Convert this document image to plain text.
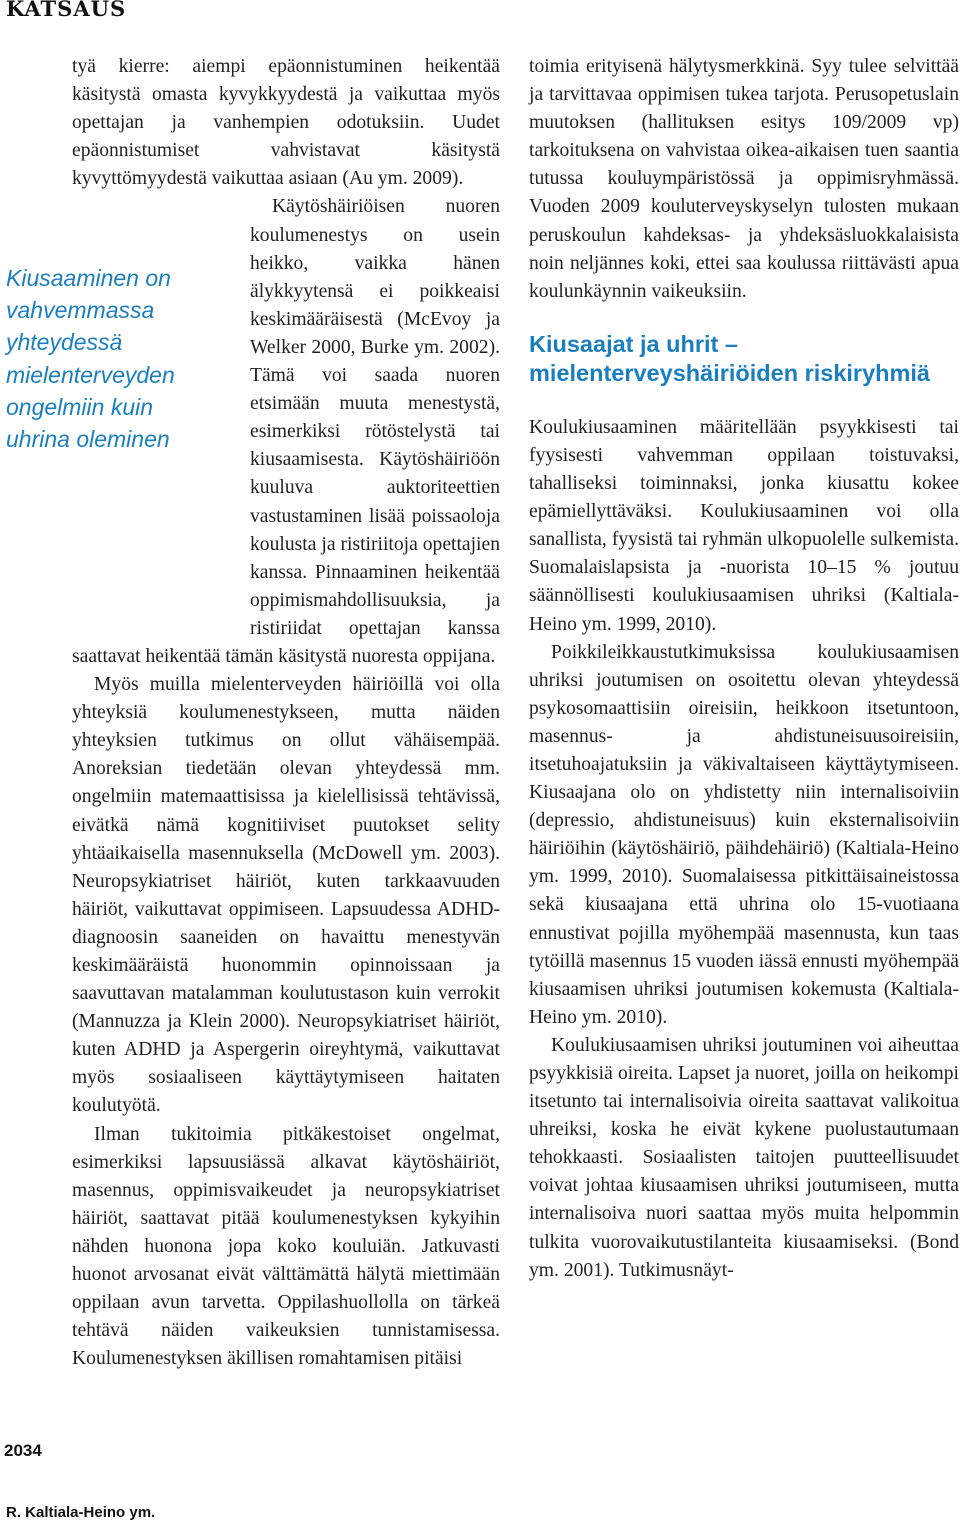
KATSAUS
Kiusaaminen on vahvemmassa yhteydessä mielenterveyden ongelmiin kuin uhrina oleminen

tyä kierre: aiempi epäonnistuminen heikentää käsitystä omasta kyvykkyydestä ja vaikuttaa myös opettajan ja vanhempien odotuksiin. Uudet epäonnistumiset vahvistavat käsitystä kyvyttömyydestä vaikuttaa asiaan (Au ym. 2009).

Käytöshäiriöisen nuoren koulumenestys on usein heikko, vaikka hänen älykkyytensä ei poikkeaisi keskimääräisestä (McEvoy ja Welker 2000, Burke ym. 2002). Tämä voi saada nuoren etsimään muuta menestystä, esimerkiksi rötöstelystä tai kiusaamisesta. Käytöshäiriöön kuuluva auktoriteettien vastustaminen lisää poissaoloja koulusta ja ristiriitoja opettajien kanssa. Pinnaaminen heikentää oppimismahdollisuuksia, ja ristiriidat opettajan kanssa saattavat heikentää tämän käsitystä nuoresta oppijana.

Myös muilla mielenterveyden häiriöillä voi olla yhteyksiä koulumenestykseen, mutta näiden yhteyksien tutkimus on ollut vähäisempää. Anoreksian tiedetään olevan yhteydessä mm. ongelmiin matemaattisissa ja kielellisissä tehtävissä, eivätkä nämä kognitiiviset puutokset selity yhtäaikaisella masennuksella (McDowell ym. 2003). Neuropsykiatriset häiriöt, kuten tarkkaavuuden häiriöt, vaikuttavat oppimiseen. Lapsuudessa ADHD-diagnoosin saaneiden on havaittu menestyvän keskimääräistä huonommin opinnoissaan ja saavuttavan matalamman koulutustason kuin verrokit (Mannuzza ja Klein 2000). Neuropsykiatriset häiriöt, kuten ADHD ja Aspergerin oireyhtymä, vaikuttavat myös sosiaaliseen käyttäytymiseen haitaten koulutyötä.

Ilman tukitoimia pitkäkestoiset ongelmat, esimerkiksi lapsuusiässä alkavat käytöshäiriöt, masennus, oppimisvaikeudet ja neuropsykiatriset häiriöt, saattavat pitää koulumenestyksen kykyihin nähden huonona jopa koko kouluiän. Jatkuvasti huonot arvosanat eivät välttämättä hälytä miettimään oppilaan avun tarvetta. Oppilashuollolla on tärkeä tehtävä näiden vaikeuksien tunnistamisessa. Koulumenestyksen äkillisen romahtamisen pitäisi

toimia erityisenä hälytysmerkkinä. Syy tulee selvittää ja tarvittavaa oppimisen tukea tarjota. Perusopetuslain muutoksen (hallituksen esitys 109/2009 vp) tarkoituksena on vahvistaa oikea-aikaisen tuen saantia tutussa kouluympäristössä ja oppimisryhmässä. Vuoden 2009 kouluterveyskyselyn tulosten mukaan peruskoulun kahdeksas- ja yhdeksäsluokkalaisista noin neljännes koki, ettei saa koulussa riittävästi apua koulunkäynnin vaikeuksiin.

Kiusaajat ja uhrit – mielenterveyshäiriöiden riskiryhmiä

Koulukiusaaminen määritellään psyykkisesti tai fyysisesti vahvemman oppilaan toistuvaksi, tahalliseksi toiminnaksi, jonka kiusattu kokee epämiellyttäväksi. Koulukiusaaminen voi olla sanallista, fyysistä tai ryhmän ulkopuolelle sulkemista. Suomalaislapsista ja -nuorista 10–15 % joutuu säännöllisesti koulukiusaamisen uhriksi (Kaltiala-Heino ym. 1999, 2010).

Poikkileikkaustutkimuksissa koulukiusaamisen uhriksi joutumisen on osoitettu olevan yhteydessä psykosomaattisiin oireisiin, heikkoon itsetuntoon, masennus- ja ahdistuneisuusoireisiin, itsetuhoajatuksiin ja väkivaltaiseen käyttäytymiseen. Kiusaajana olo on yhdistetty niin internalisoiviin (depressio, ahdistuneisuus) kuin eksternalisoiviin häiriöihin (käytöshäiriö, päihdehäiriö) (Kaltiala-Heino ym. 1999, 2010). Suomalaisessa pitkittäisaineistossa sekä kiusaajana että uhrina olo 15-vuotiaana ennustivat pojilla myöhempää masennusta, kun taas tytöillä masennus 15 vuoden iässä ennusti myöhempää kiusaamisen uhriksi joutumisen kokemusta (Kaltiala-Heino ym. 2010).

Koulukiusaamisen uhriksi joutuminen voi aiheuttaa psyykkisiä oireita. Lapset ja nuoret, joilla on heikompi itsetunto tai internalisoivia oireita saattavat valikoitua uhreiksi, koska he eivät kykene puolustautumaan tehokkaasti. Sosiaalisten taitojen puutteellisuudet voivat johtaa kiusaamisen uhriksi joutumiseen, mutta internalisoiva nuori saattaa myös muita helpommin tulkita vuorovaikutustilanteita kiusaamiseksi. (Bond ym. 2001). Tutkimusnäyt-

2034
R. Kaltiala-Heino ym.
